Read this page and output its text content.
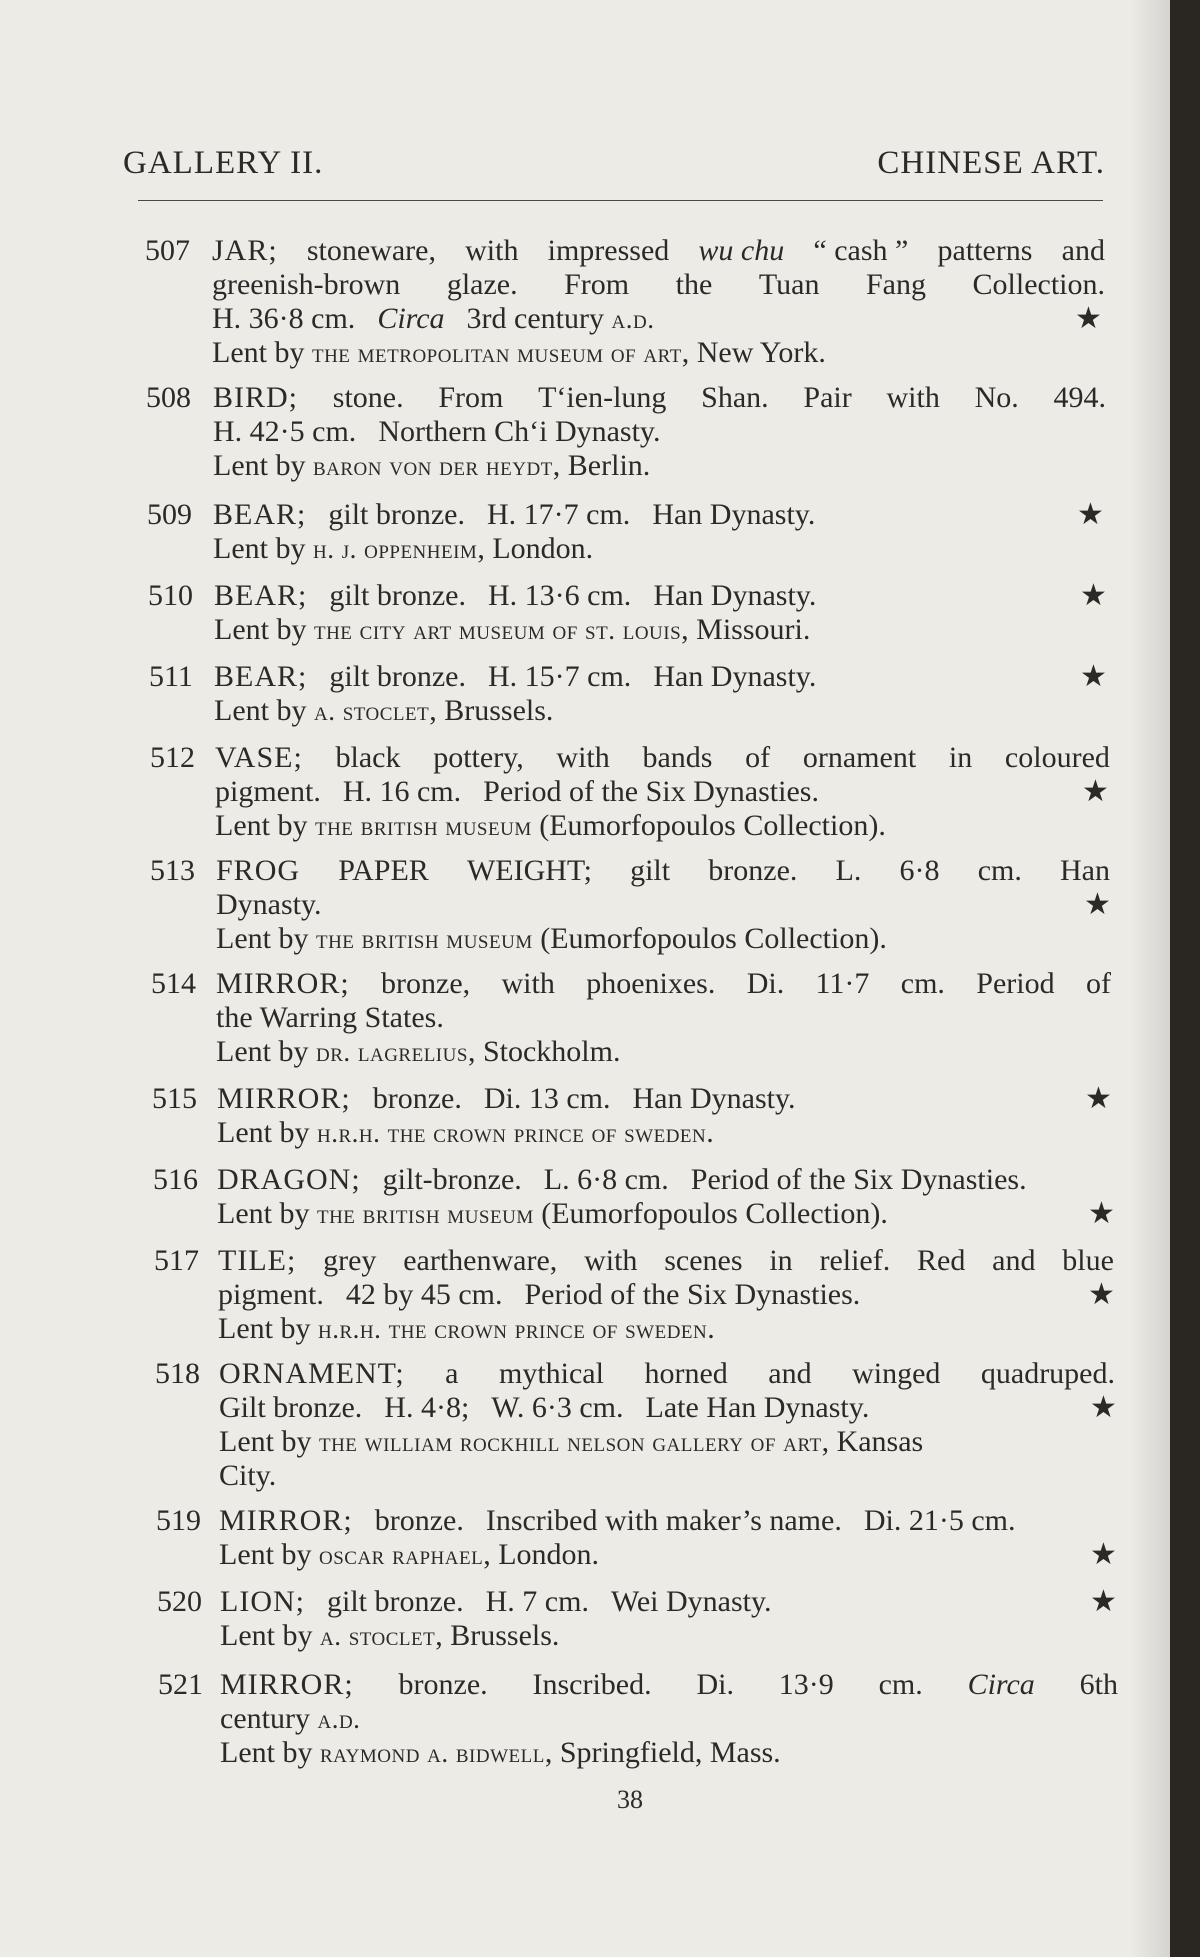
GALLERY II.	CHINESE ART.
507 JAR; stoneware, with impressed wu chu “ cash ” patterns and
greenish-brown glaze. From the Tuan Fang Collection.
H. 36·8 cm. Circa 3rd century a.d.
Lent by the metropolitan museum of art, New York.
★
508 BIRD; stone. From T‘ien-lung Shan. Pair with No. 494.
H. 42·5 cm. Northern Ch‘i Dynasty.
Lent by baron von der heydt, Berlin.
509 BEAR; gilt bronze. H. 17·7 cm. Han Dynasty.
Lent by h. j. oppenheim, London.
★
510 BEAR; gilt bronze. H. 13·6 cm. Han Dynasty.
Lent by the city art museum of st. louis, Missouri.
★
511 BEAR; gilt bronze. H. 15·7 cm. Han Dynasty.
Lent by a. stoclet, Brussels.
★
512 VASE; black pottery, with bands of ornament in coloured
pigment. H. 16 cm. Period of the Six Dynasties.
Lent by the british museum (Eumorfopoulos Collection).
★
513 FROG PAPER WEIGHT; gilt bronze. L. 6·8 cm. Han
Dynasty.
Lent by the british museum (Eumorfopoulos Collection).
★
514 MIRROR; bronze, with phoenixes. Di. 11·7 cm. Period of
the Warring States.
Lent by dr. lagrelius, Stockholm.
515 MIRROR; bronze. Di. 13 cm. Han Dynasty.
Lent by h.r.h. the crown prince of sweden.
★
516 DRAGON; gilt-bronze. L. 6·8 cm. Period of the Six Dynasties.
Lent by the british museum (Eumorfopoulos Collection).	★
517 TILE; grey earthenware, with scenes in relief. Red and blue
pigment. 42 by 45 cm. Period of the Six Dynasties.
Lent by h.r.h. the crown prince of sweden.
★
518 ORNAMENT; a mythical horned and winged quadruped.
Gilt bronze. H. 4·8; W. 6·3 cm. Late Han Dynasty.
Lent by the william rockhill nelson gallery of art, Kansas
City.
★
519 MIRROR; bronze. Inscribed with maker’s name. Di. 21·5 cm.
Lent by oscar raphael, London.	★
520 LION; gilt bronze. H. 7 cm. Wei Dynasty.
Lent by a. stoclet, Brussels.
★
521 MIRROR; bronze. Inscribed. Di. 13·9 cm. Circa 6th
century a.d.
Lent by raymond a. bidwell, Springfield, Mass.
38
